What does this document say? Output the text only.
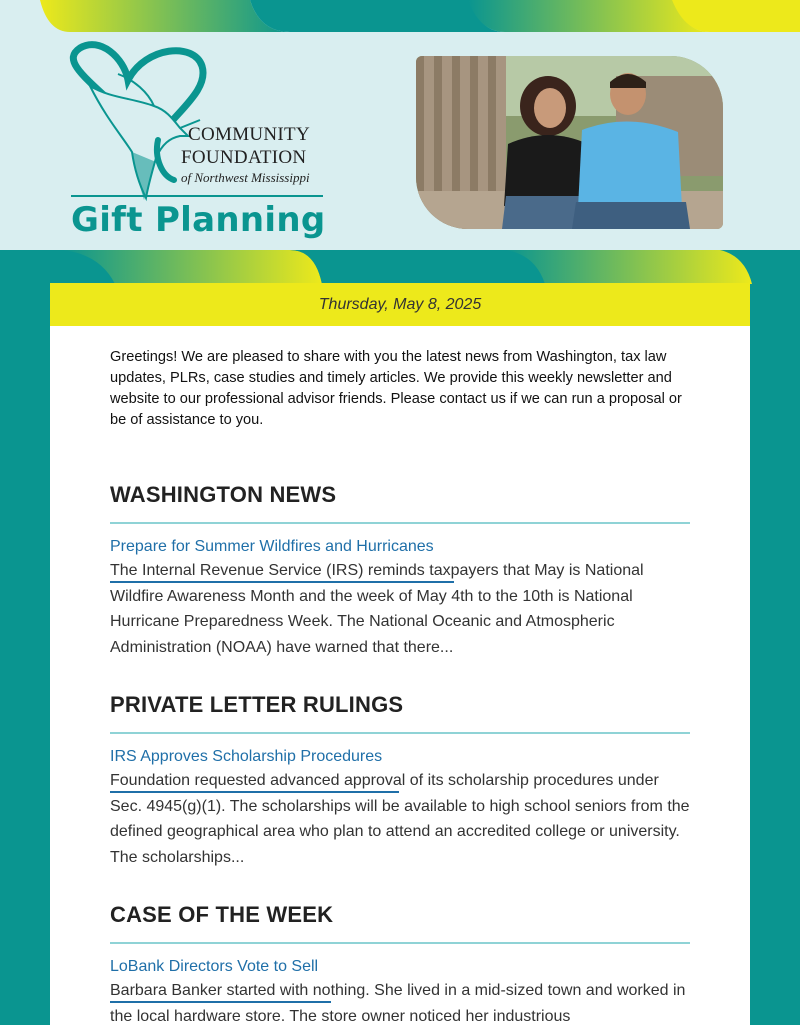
COMMUNITY
FOUNDATION
of Northwest Mississippi
Gift Planning
Thursday, May 8, 2025

Greetings! We are pleased to share with you the latest news from Washington, tax law updates, PLRs, case studies and timely articles. We provide this weekly newsletter and website to our professional advisor friends. Please contact us if we can run a proposal or be of assistance to you.

WASHINGTON NEWS
Prepare for Summer Wildfires and Hurricanes

The Internal Revenue Service (IRS) reminds taxpayers that May is National Wildfire Awareness Month and the week of May 4th to the 10th is National Hurricane Preparedness Week. The National Oceanic and Atmospheric Administration (NOAA) have warned that there...

PRIVATE LETTER RULINGS
IRS Approves Scholarship Procedures

Foundation requested advanced approval of its scholarship procedures under Sec. 4945(g)(1). The scholarships will be available to high school seniors from the defined geographical area who plan to attend an accredited college or university. The scholarships...

CASE OF THE WEEK
LoBank Directors Vote to Sell

Barbara Banker started with nothing. She lived in a mid-sized town and worked in the local hardware store. The store owner noticed her industrious
